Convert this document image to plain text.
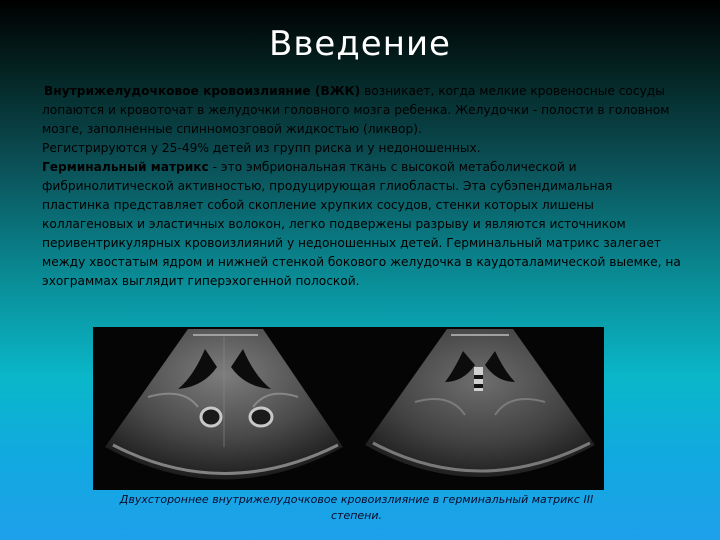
Введение

Внутрижелудочковое кровоизлияние (ВЖК) возникает, когда мелкие кровеносные сосуды лопаются и кровоточат в желудочки головного мозга ребенка. Желудочки - полости в головном мозге, заполненные спинномозговой жидкостью (ликвор).

Регистрируются у 25-49% детей из групп риска и у недоношенных.

Герминальный матрикс - это эмбриональная ткань с высокой метаболической и фибринолитической активностью, продуцирующая глиобласты. Эта субэпендимальная пластинка представляет собой скопление хрупких сосудов, стенки которых лишены коллагеновых и эластичных волокон, легко подвержены разрыву и являются источником перивентрикулярных кровоизлияний у недоношенных детей. Герминальный матрикс залегает между хвостатым ядром и нижней стенкой бокового желудочка в каудоталамической выемке, на эхограммах выглядит гиперэхогенной полоской.

Двухстороннее внутрижелудочковое кровоизлияние в герминальный матрикс III степени.
